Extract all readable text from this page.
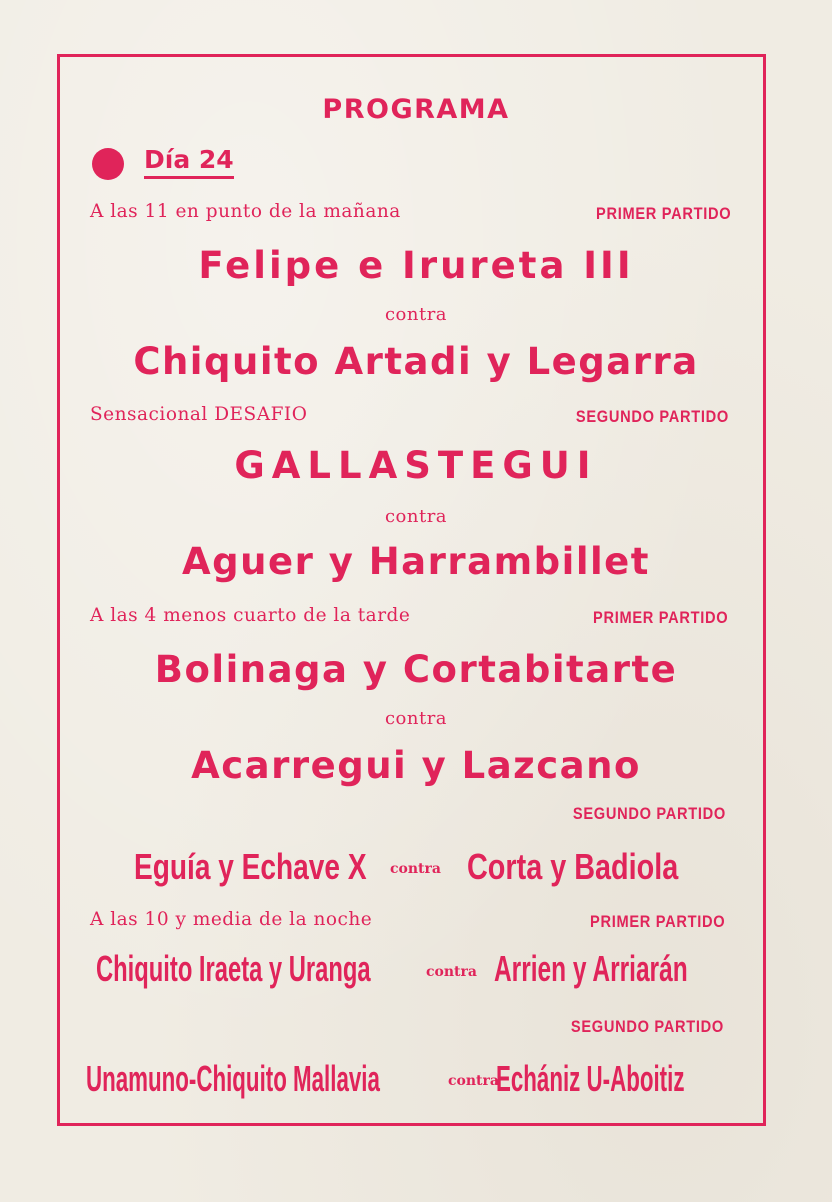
PROGRAMA
Día 24
A las 11 en punto de la mañana	PRIMER PARTIDO
Felipe e Irureta III
contra
Chiquito Artadi y Legarra
Sensacional DESAFIO	SEGUNDO PARTIDO
GALLASTEGUI
contra
Aguer y Harrambillet
A las 4 menos cuarto de la tarde	PRIMER PARTIDO
Bolinaga y Cortabitarte
contra
Acarregui y Lazcano
SEGUNDO PARTIDO
Eguía y Echave X contra Corta y Badiola
A las 10 y media de la noche	PRIMER PARTIDO
Chiquito Iraeta y Uranga	contra Arrien y Arriarán
SEGUNDO PARTIDO
Unamuno-Chiquito Mallavia	contra
Echániz U-Aboitiz
